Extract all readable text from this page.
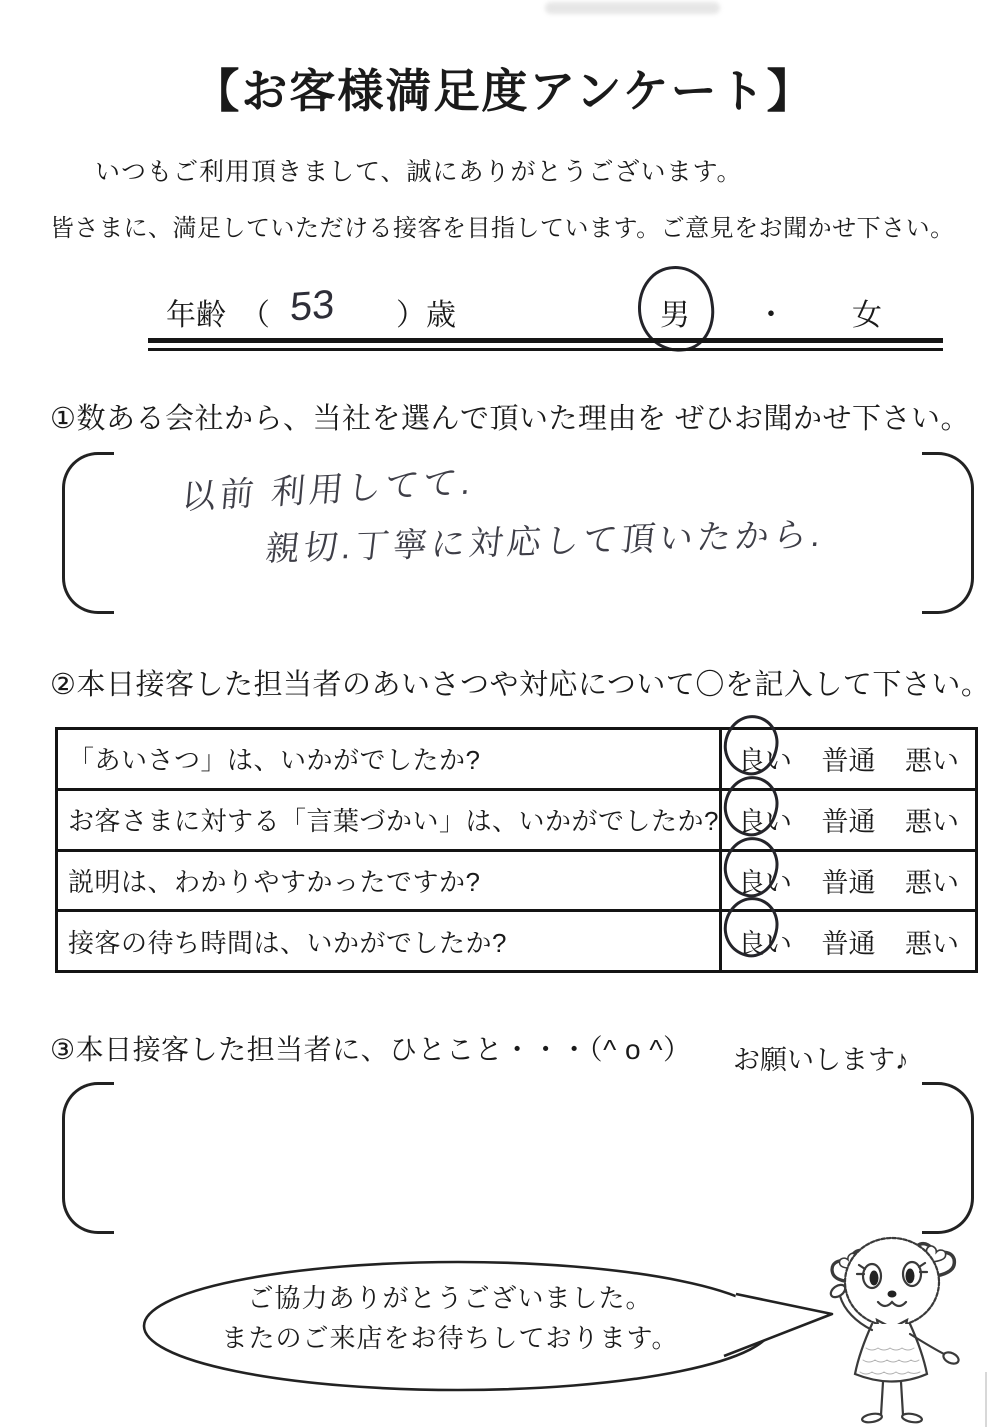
【お客様満足度アンケート】
いつもご利用頂きまして、誠にありがとうございます。
皆さまに、満足していただける接客を目指しています。ご意見をお聞かせ下さい。
年齢 （ 53 ）歳	男 ・ 女
①数ある会社から、当社を選んで頂いた理由を ぜひお聞かせ下さい。
以前 利用してて.
親切.丁寧に対応して頂いたから.
②本日接客した担当者のあいさつや対応について〇を記入して下さい。
「あいさつ」は、いかがでしたか?	良い 普通 悪い
お客さまに対する「言葉づかい」は、いかがでしたか? 良い 普通 悪い
説明は、わかりやすかったですか?	良い 普通 悪い
接客の待ち時間は、いかがでしたか?	良い 普通 悪い
③本日接客した担当者に、ひとこと・・・（^ o ^） お願いします♪
ご協力ありがとうございました。
またのご来店をお待ちしております。
